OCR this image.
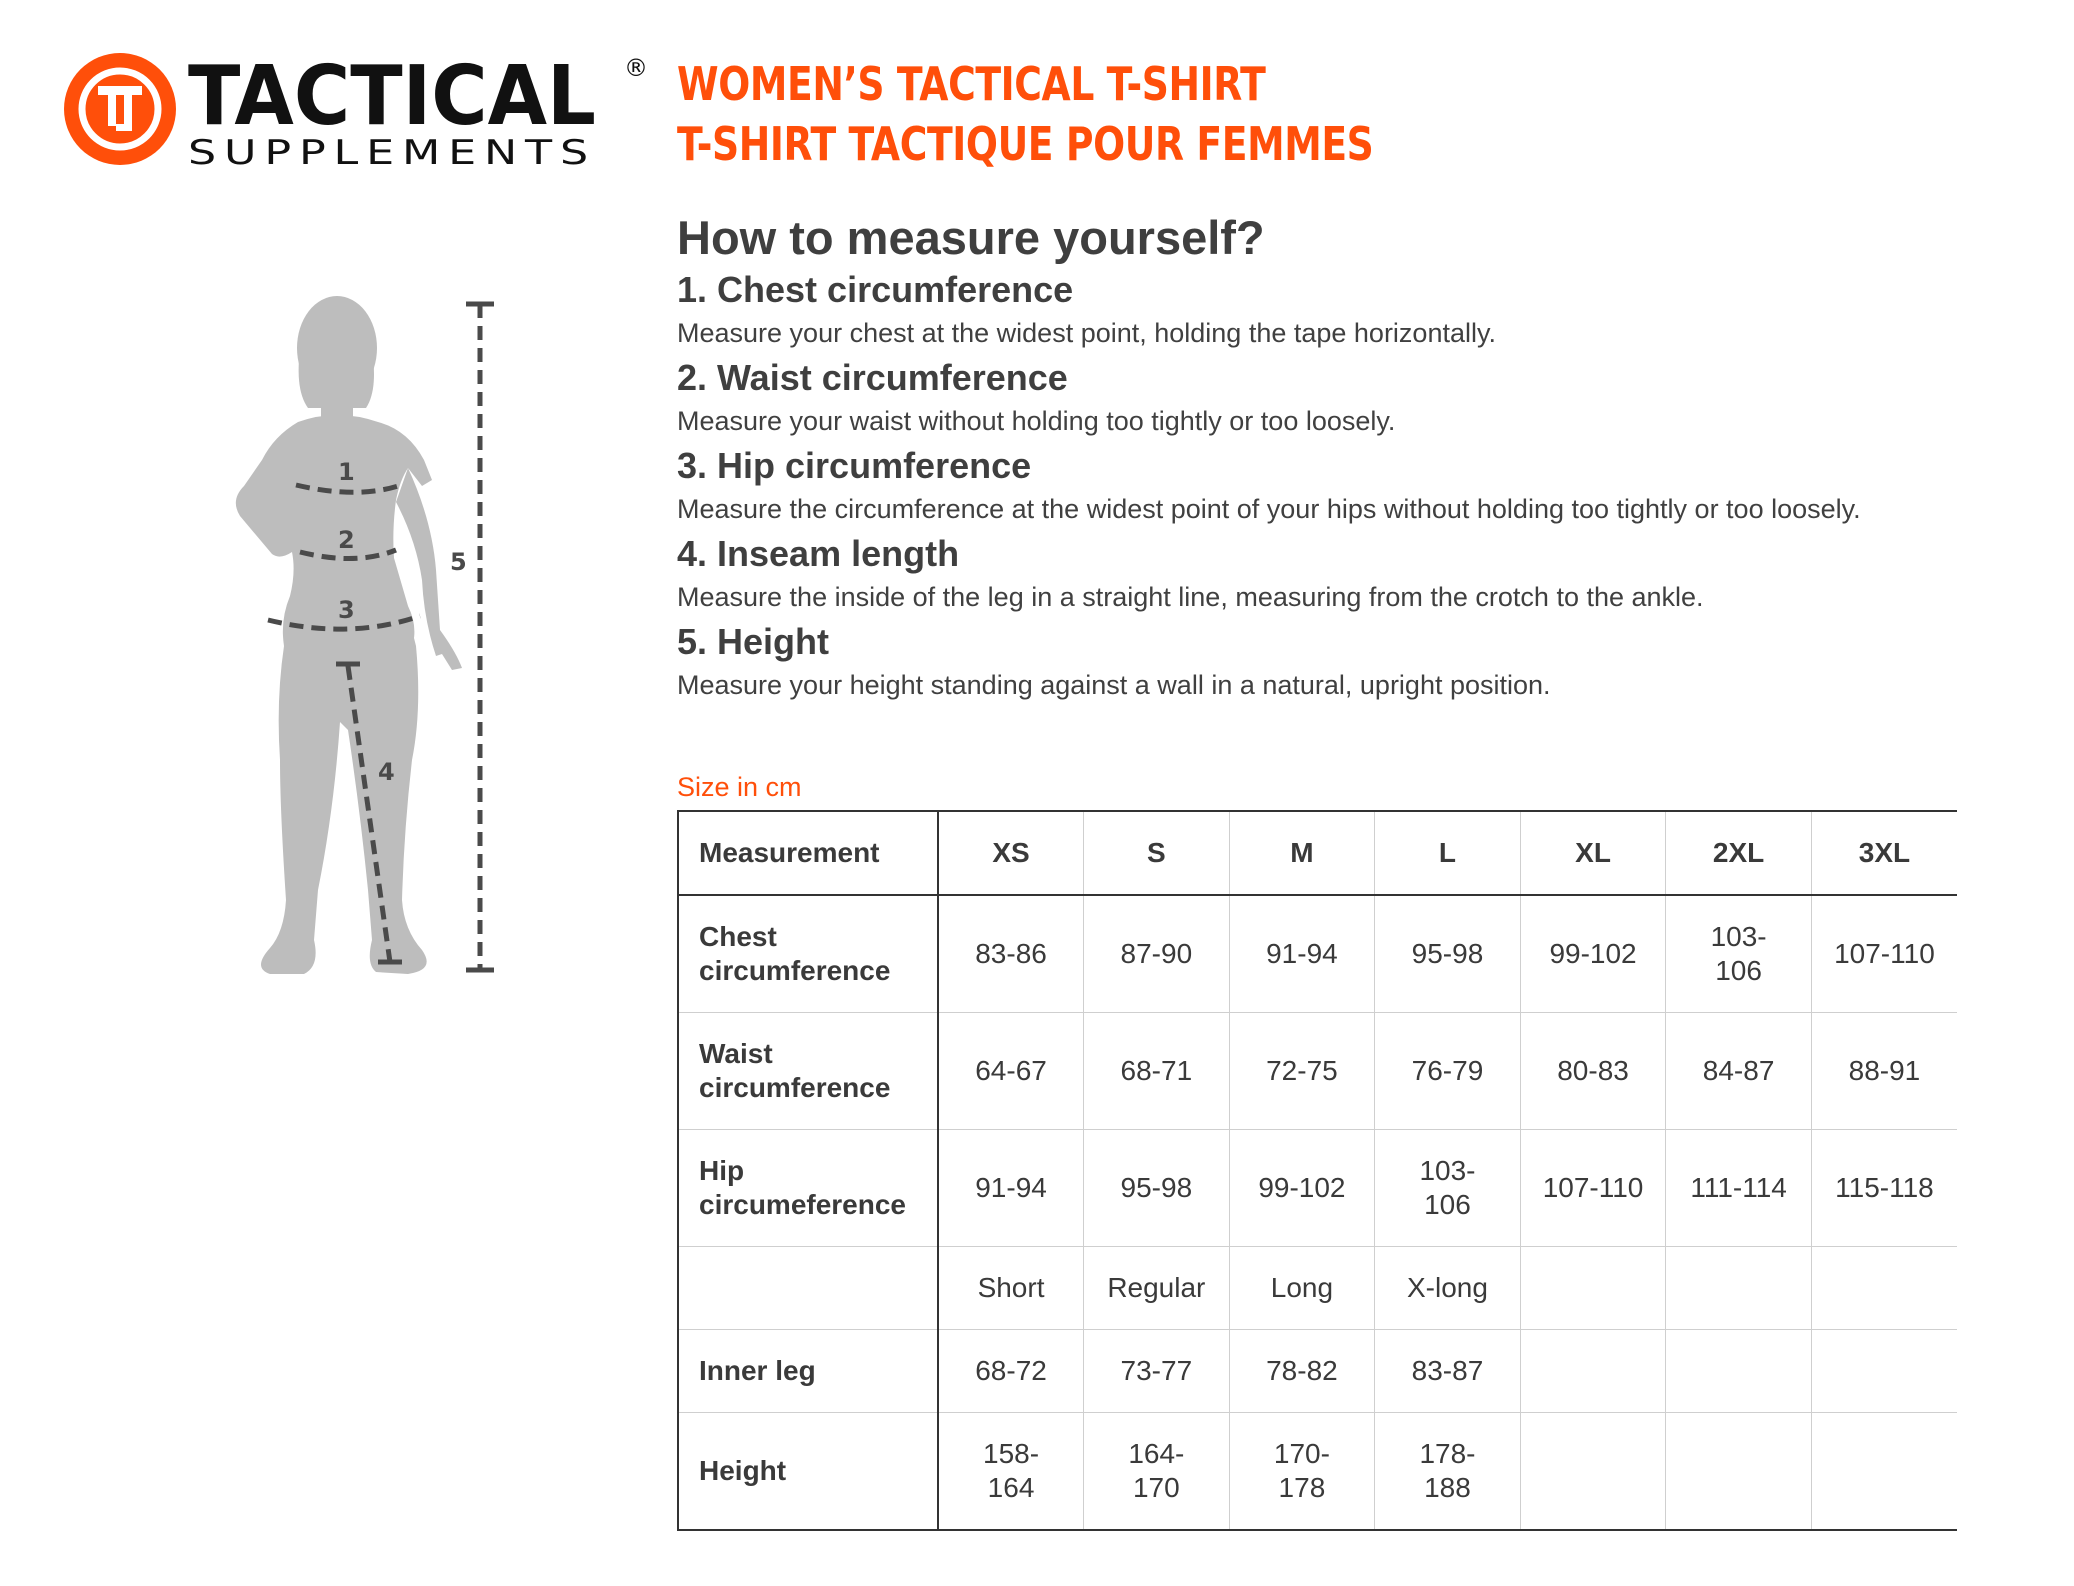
TACTICAL
SUPPLEMENTS
® WOMEN’S TACTICAL T-SHIRT
T-SHIRT TACTIQUE POUR FEMMES
1
2
3
4
5
How to measure yourself?

1. Chest circumference

Measure your chest at the widest point, holding the tape horizontally.

2. Waist circumference

Measure your waist without holding too tightly or too loosely.

3. Hip circumference

Measure the circumference at the widest point of your hips without holding too tightly or too loosely.

4. Inseam length

Measure the inside of the leg in a straight line, measuring from the crotch to the ankle.

5. Height

Measure your height standing against a wall in a natural, upright position.

Size in cm
Measurement	XS	S	M	L	XL	2XL	3XL
Chest circumference	83-86	87-90	91-94	95-98	99-102	103-106	107-110
Waist circumference	64-67	68-71	72-75	76-79	80-83	84-87	88-91
Hip circumeference	91-94	95-98	99-102	103-106	107-110	111-114	115-118
	Short	Regular	Long	X-long			
Inner leg	68-72	73-77	78-82	83-87			
Height	158-164	164-170	170-178	178-188			
